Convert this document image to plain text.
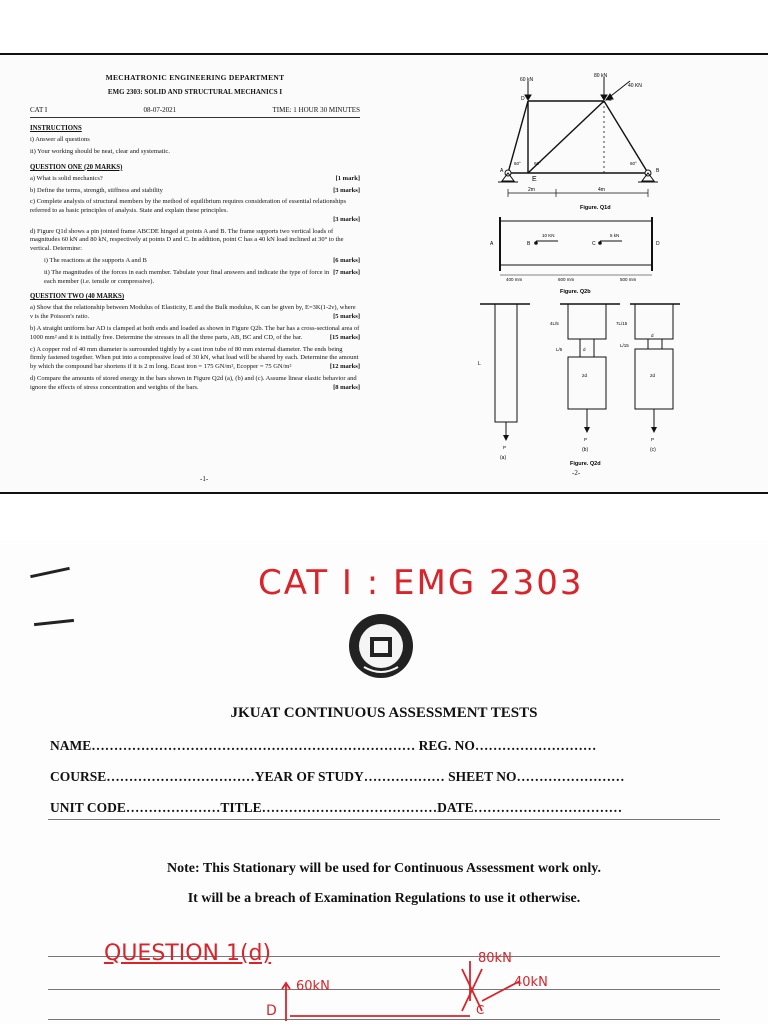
MECHATRONIC ENGINEERING DEPARTMENT
EMG 2303: SOLID AND STRUCTURAL MECHANICS I
CAT I	08-07-2021	TIME: 1 HOUR 30 MINUTES
INSTRUCTIONS
i) Answer all questions
ii) Your working should be neat, clear and systematic.
QUESTION ONE (20 MARKS)
[1 mark]
a) What is solid mechanics?
[3 marks]
b) Define the terms, strength, stiffness and stability
c) Complete analysis of structural members by the method of equilibrium requires consideration of essential relationships referred to as basic principles of analysis. State and explain these principles.
[3 marks]
d) Figure Q1d shows a pin jointed frame ABCDE hinged at points A and B. The frame supports two vertical loads of magnitudes 60 kN and 80 kN, respectively at points D and C. In addition, point C has a 40 kN load inclined at 30° to the vertical. Determine:
[6 marks]
i) The reactions at the supports A and B
[7 marks]
ii) The magnitudes of the forces in each member. Tabulate your final answers and indicate the type of force in each member (i.e. tensile or compressive).
QUESTION TWO (40 MARKS)
a) Show that the relationship between Modulus of Elasticity, E and the Bulk modulus, K can be given by, E=3K(1-2ν), where ν is the Poisson's ratio.	[5 marks]
b) A straight uniform bar AD is clamped at both ends and loaded as shown in Figure Q2b. The bar has a cross-sectional area of 1000 mm² and it is initially free. Determine the stresses in all the three parts, AB, BC and CD, of the bar.	[15 marks]
c) A copper rod of 40 mm diameter is surrounded tightly by a cast iron tube of 80 mm external diameter. The ends being firmly fastened together. When put into a compressive load of 30 kN, what load will be shared by each. Determine the amount by which the compound bar shortens if it is 2 m long. Ecast iron = 175 GN/m², Ecopper = 75 GN/m²	[12 marks]
d) Compare the amounts of stored energy in the bars shown in Figure Q2d (a), (b) and (c). Assume linear elastic behavior and ignore the effects of stress concentration and weights of the bars.	[8 marks]
-1-
60 kN
80 kN
40 KN
A	B
C
D
E
60°	60°	60°
2m	4m
Figure. Q1d
A	B	C	D
10 KN	5 kN
400 mm	600 mm	500 mm
Figure. Q2b
L
4L/5
L/5
7L/15
L/15
d
2d
d
2d
P
P	P
(a)
(b)	(c)
Figure. Q2d
-2-
CAT I : EMG 2303
JKUAT CONTINUOUS ASSESSMENT TESTS
NAME……………………………………………………………… REG. NO………………………
COURSE……………………………YEAR OF STUDY……………… SHEET NO……………………
UNIT CODE…………………TITLE…………………………………DATE……………………………
Note: This Stationary will be used for Continuous Assessment work only.
It will be a breach of Examination Regulations to use it otherwise.
QUESTION 1(d)	80kN
60kN	40kN
D	C
